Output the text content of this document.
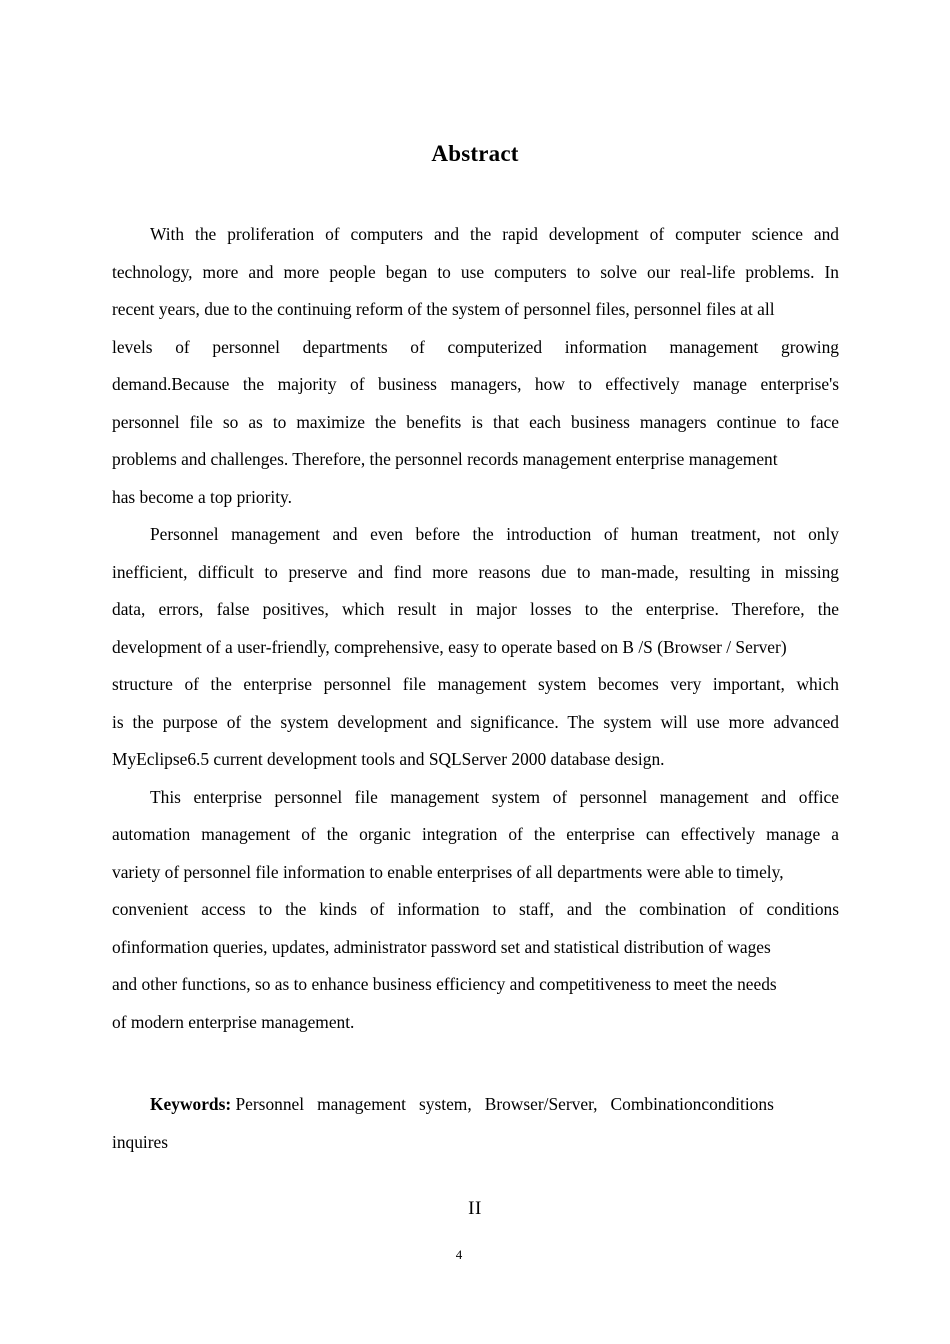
Abstract
With the proliferation of computers and the rapid development of computer science and
technology, more and more people began to use computers to solve our real-life problems. In
recent years, due to the continuing reform of the system of personnel files, personnel files at all
levels of personnel departments of computerized information management growing
demand.Because the majority of business managers, how to effectively manage enterprise's
personnel file so as to maximize the benefits is that each business managers continue to face
problems and challenges. Therefore, the personnel records management enterprise management
has become a top priority.
Personnel management and even before the introduction of human treatment, not only
inefficient, difficult to preserve and find more reasons due to man-made, resulting in missing
data, errors, false positives, which result in major losses to the enterprise. Therefore, the
development of a user-friendly, comprehensive, easy to operate based on B /S (Browser / Server)
structure of the enterprise personnel file management system becomes very important, which
is the purpose of the system development and significance. The system will use more advanced
MyEclipse6.5 current development tools and SQLServer 2000 database design.
This enterprise personnel file management system of personnel management and office
automation management of the organic integration of the enterprise can effectively manage a
variety of personnel file information to enable enterprises of all departments were able to timely,
convenient access to the kinds of information to staff, and the combination of conditions
ofinformation queries, updates, administrator password set and statistical distribution of wages
and other functions, so as to enhance business efficiency and competitiveness to meet the needs
of modern enterprise management.
Keywords: Personnel   management   system,   Browser/Server,   Combinationconditions
inquires
II
4
